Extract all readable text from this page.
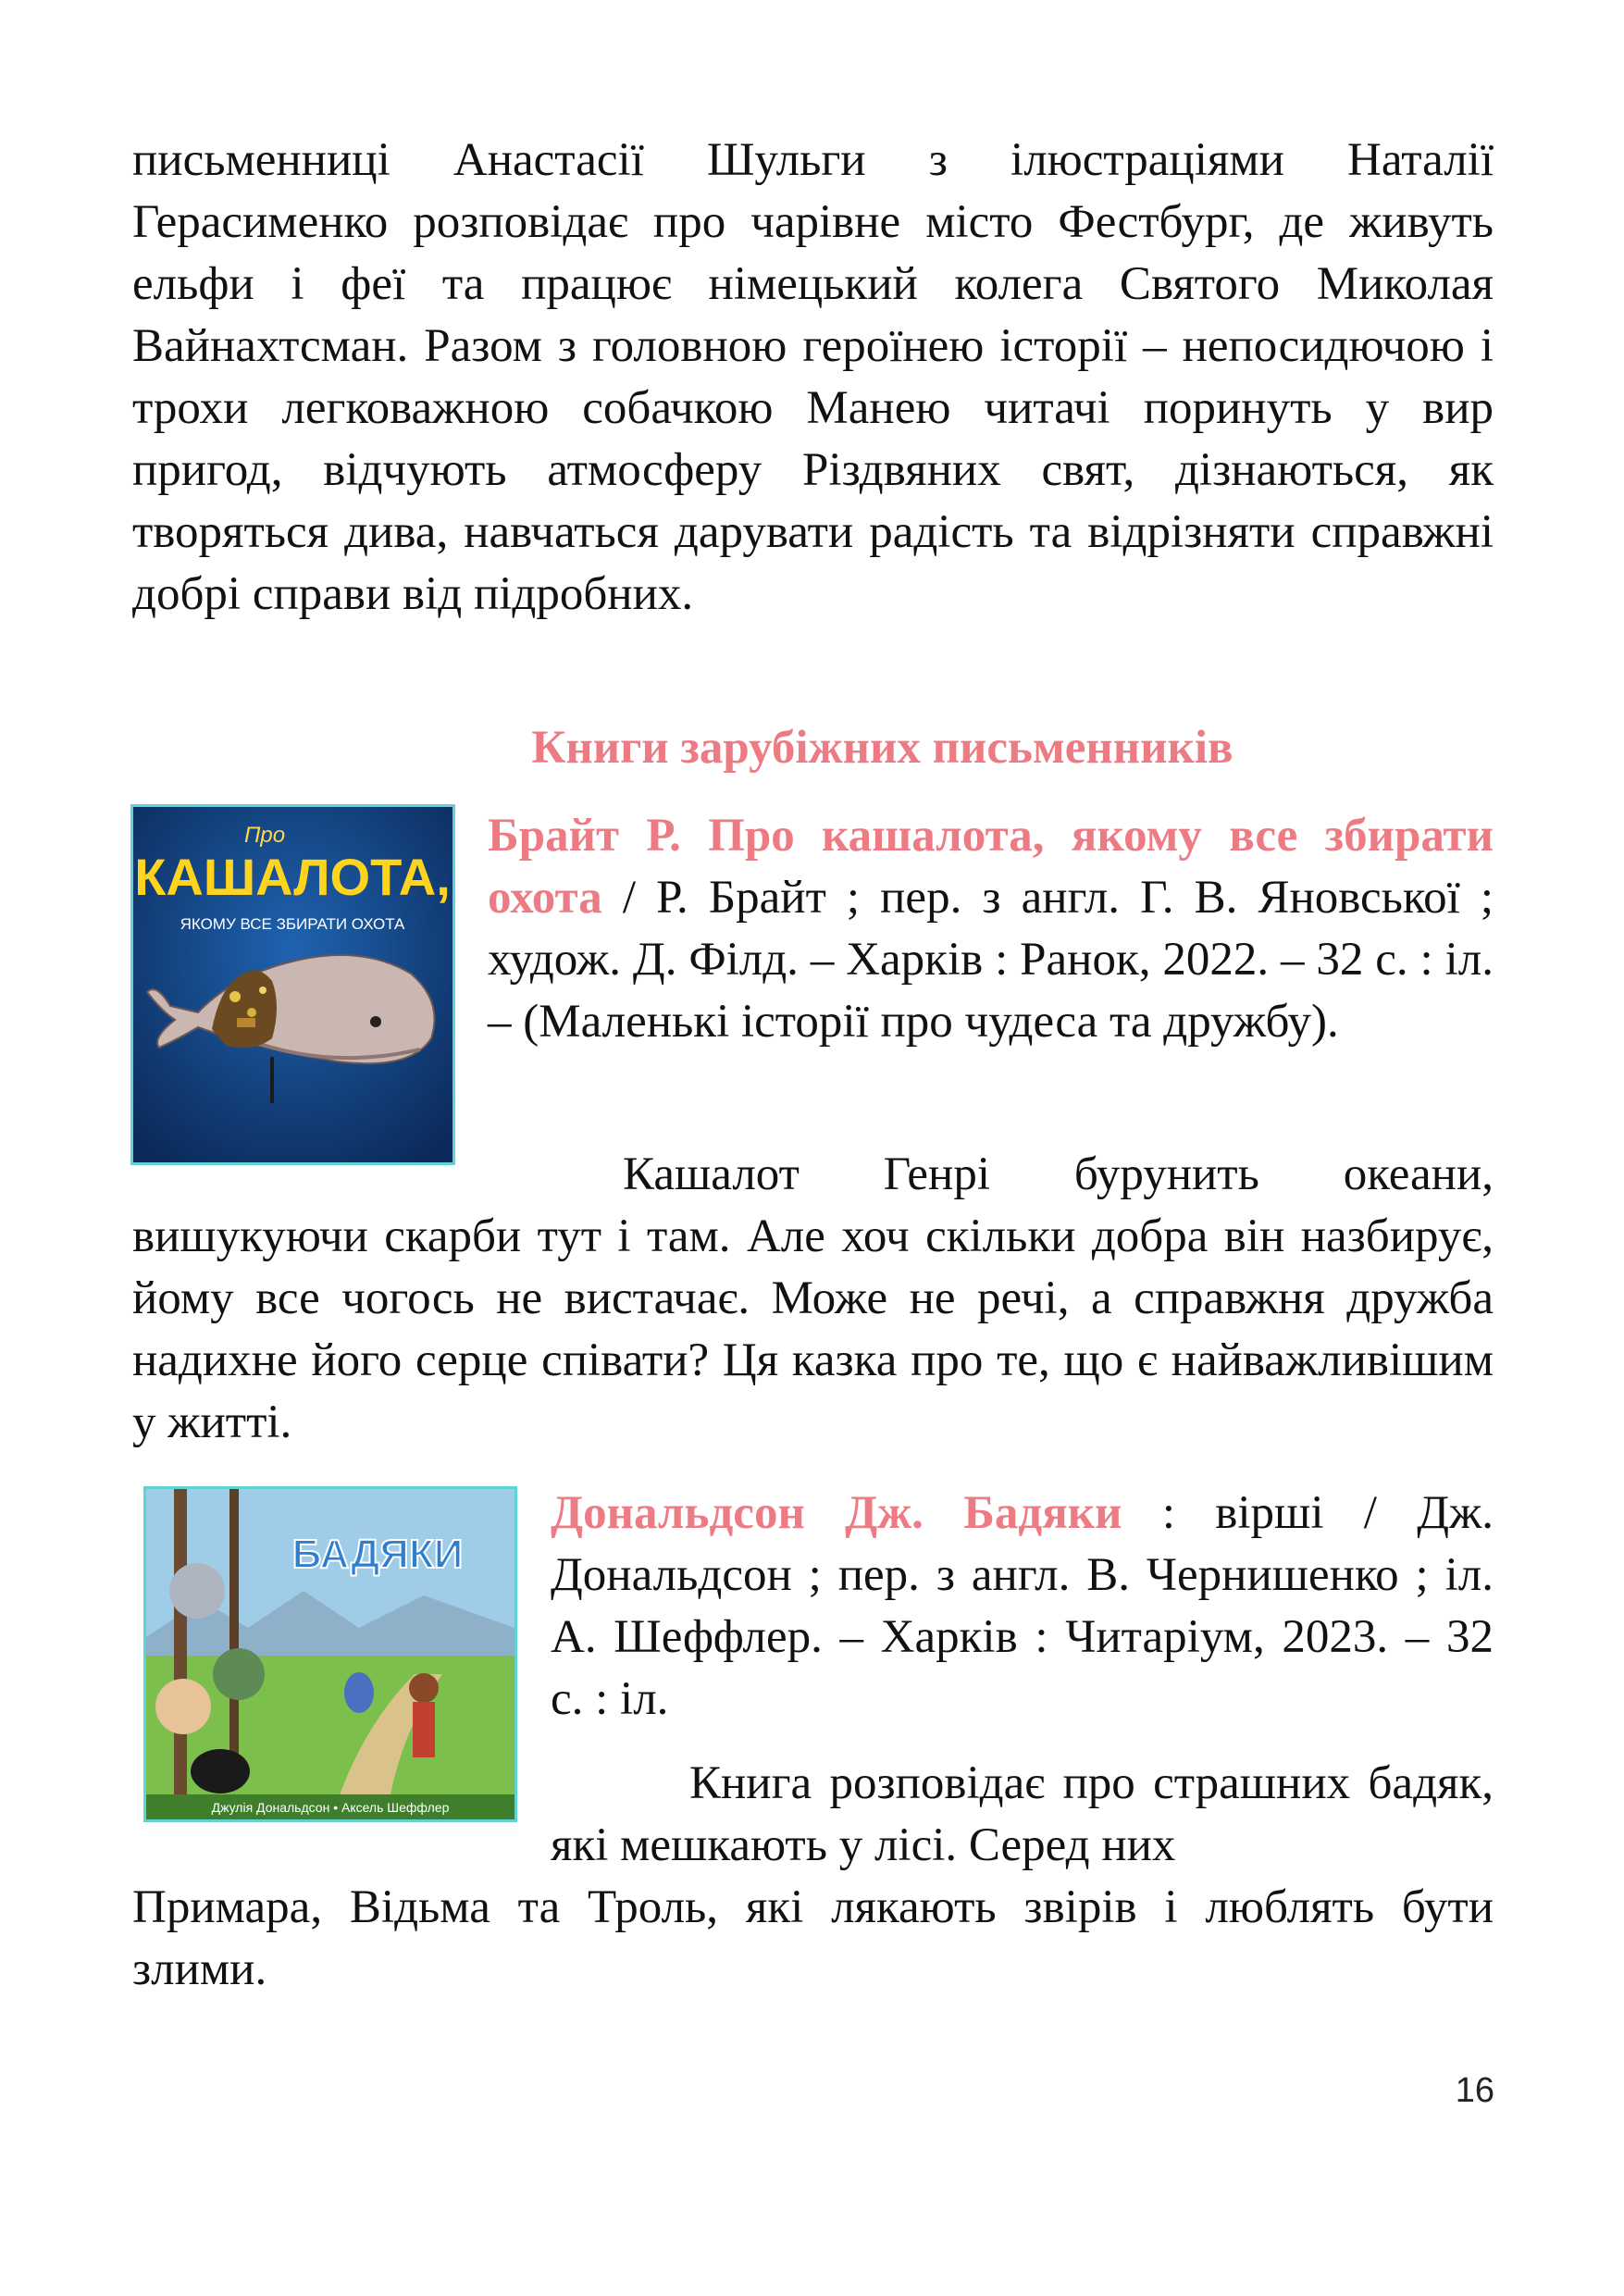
письменниці Анастасії Шульги з ілюстраціями Наталії Герасименко розповідає про чарівне місто Фестбург, де живуть ельфи і феї та працює німецький колега Святого Миколая Вайнахтсман. Разом з головною героїнею історії – непосидючою і трохи легковажною собачкою Манею читачі поринуть у вир пригод, відчують атмосферу Різдвяних свят, дізнаються, як творяться дива, навчаться дарувати радість та відрізняти справжні добрі справи від підробних.

Книги зарубіжних письменників
Про
КАШАЛОТА,
ЯКОМУ ВСЕ ЗБИРАТИ ОХОТА

Брайт Р. Про кашалота, якому все збирати охота / Р. Брайт ; пер. з англ. Г. В. Яновської ; худож. Д. Філд. – Харків : Ранок, 2022. – 32 с. : іл. – (Маленькі історії про чудеса та дружбу).

Кашалот Генрі бурунить океани, вишукуючи скарби тут і там. Але хоч скільки добра він назбирує, йому все чогось не вистачає. Може не речі, а справжня дружба надихне його серце співати? Ця казка про те, що є найважливішим у житті.

БАДЯКИ
Джулія Дональдсон • Аксель Шеффлер

Дональдсон Дж. Бадяки : вірші / Дж. Дональдсон ; пер. з англ. В. Чернишенко ; іл. А. Шеффлер. – Харків : Читаріум, 2023. – 32 с. : іл.

Книга розповідає про страшних бадяк, які мешкають у лісі. Серед них

Примара, Відьма та Троль, які лякають звірів і люблять бути злими.

16
